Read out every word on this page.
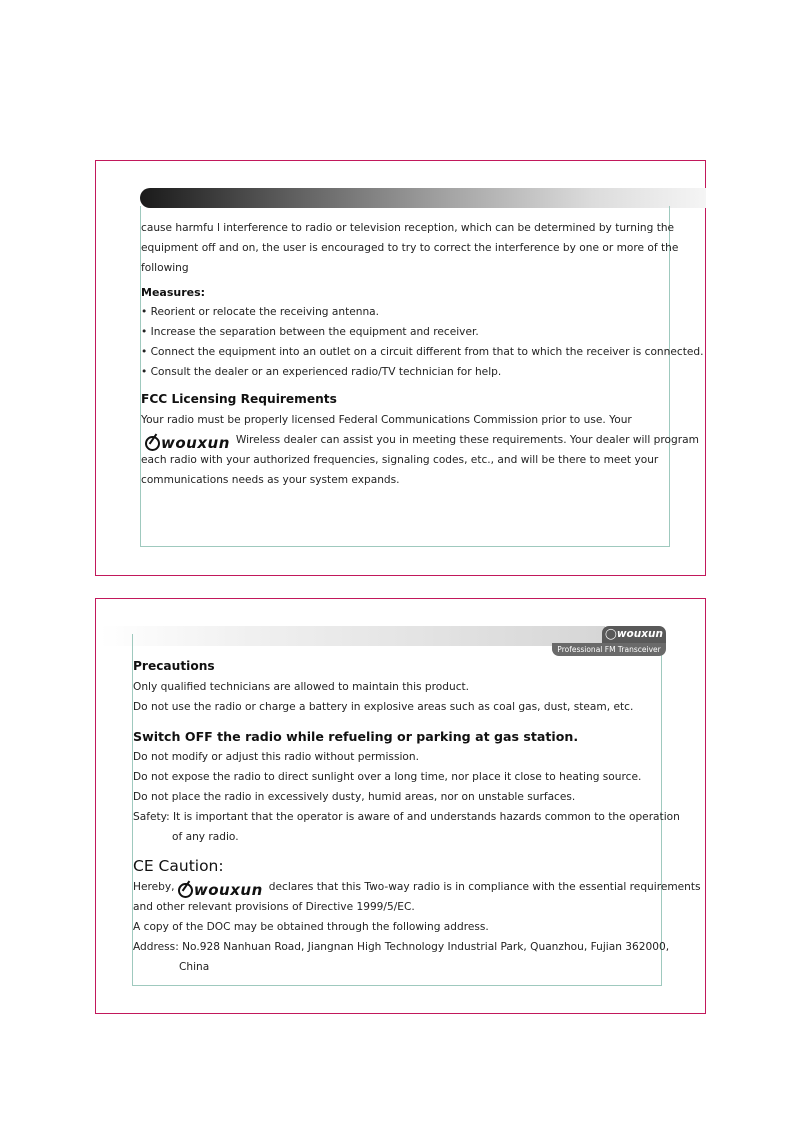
cause harmfu l interference to radio or television reception, which can be determined by turning the
equipment off and on, the user is encouraged to try to correct the interference by one or more of the
following
Measures:
• Reorient or relocate the receiving antenna.
• Increase the separation between the equipment and receiver.
• Connect the equipment into an outlet on a circuit different from that to which the receiver is connected.
• Consult the dealer or an experienced radio/TV technician for help.
FCC Licensing Requirements
Your radio must be properly licensed Federal Communications Commission prior to use. Your
wouxun Wireless dealer can assist you in meeting these requirements. Your dealer will program
each radio with your authorized frequencies, signaling codes, etc., and will be there to meet your
communications needs as your system expands.
◯wouxun
Professional FM Transceiver
Precautions
Only qualified technicians are allowed to maintain this product.
Do not use the radio or charge a battery in explosive areas such as coal gas, dust, steam, etc.
Switch OFF the radio while refueling or parking at gas station.
Do not modify or adjust this radio without permission.
Do not expose the radio to direct sunlight over a long time, nor place it close to heating source.
Do not place the radio in excessively dusty, humid areas, nor on unstable surfaces.
Safety: It is important that the operator is aware of and understands hazards common to the operation
of any radio.
CE Caution:
Hereby, wouxun declares that this Two-way radio is in compliance with the essential requirements
and other relevant provisions of Directive 1999/5/EC.
A copy of the DOC may be obtained through the following address.
Address: No.928 Nanhuan Road, Jiangnan High Technology Industrial Park, Quanzhou, Fujian 362000,
China
